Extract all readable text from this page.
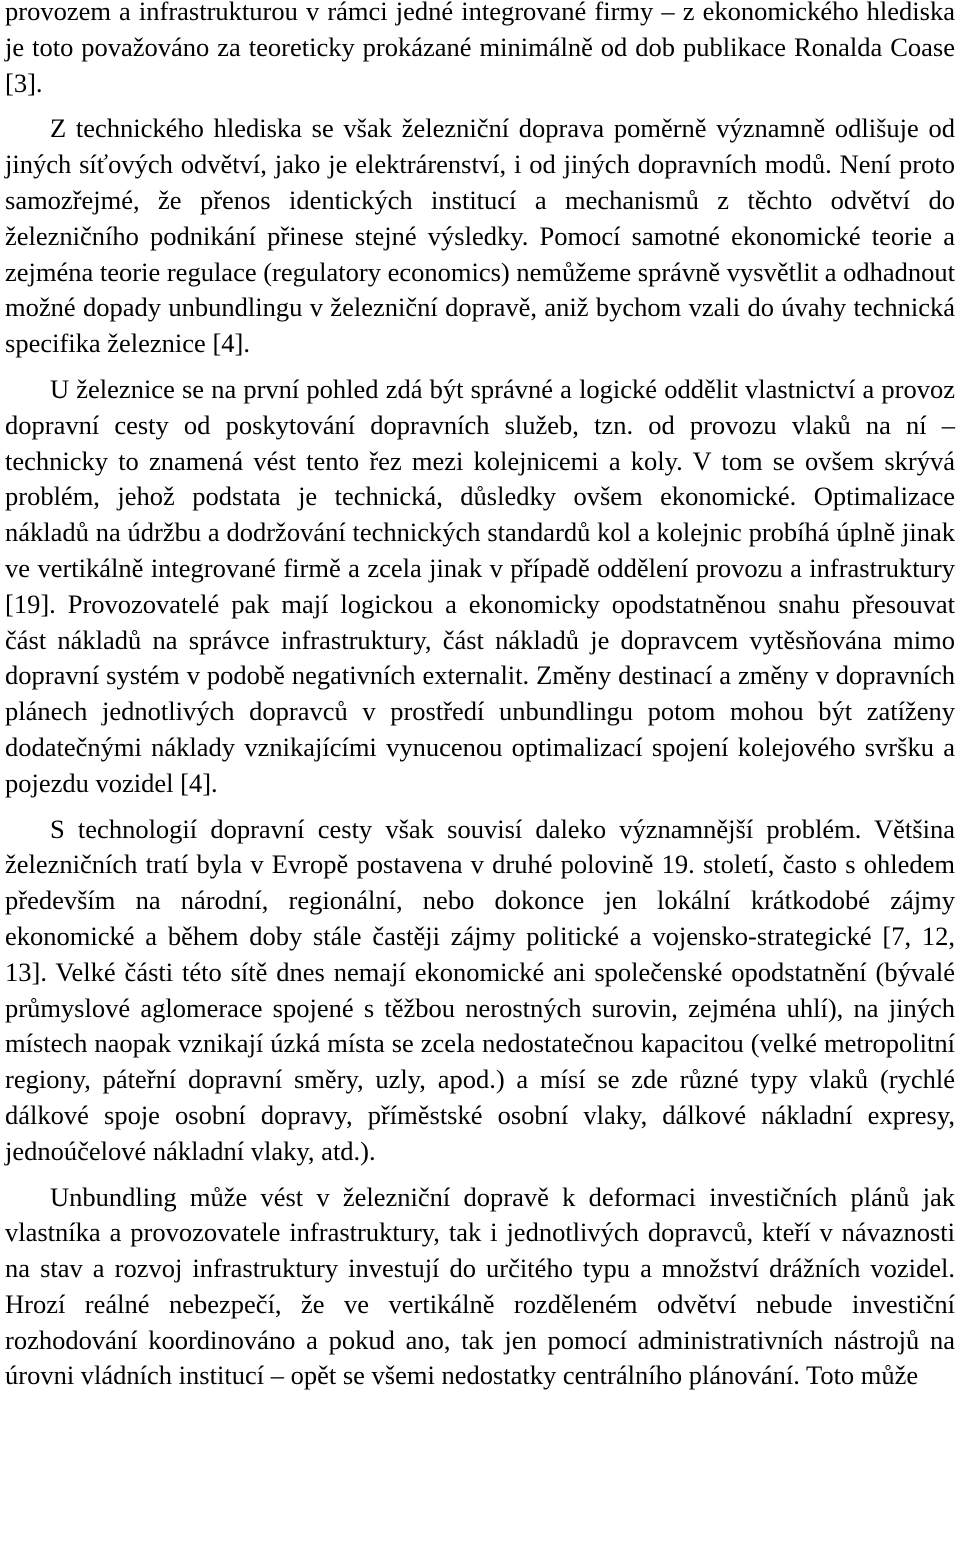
provozem a infrastrukturou v rámci jedné integrované firmy – z ekonomického hlediska je toto považováno za teoreticky prokázané minimálně od dob publikace Ronalda Coase [3].

Z technického hlediska se však železniční doprava poměrně významně odlišuje od jiných síťových odvětví, jako je elektrárenství, i od jiných dopravních modů. Není proto samozřejmé, že přenos identických institucí a mechanismů z těchto odvětví do železničního podnikání přinese stejné výsledky. Pomocí samotné ekonomické teorie a zejména teorie regulace (regulatory economics) nemůžeme správně vysvětlit a odhadnout možné dopady unbundlingu v železniční dopravě, aniž bychom vzali do úvahy technická specifika železnice [4].

U železnice se na první pohled zdá být správné a logické oddělit vlastnictví a provoz dopravní cesty od poskytování dopravních služeb, tzn. od provozu vlaků na ní – technicky to znamená vést tento řez mezi kolejnicemi a koly. V tom se ovšem skrývá problém, jehož podstata je technická, důsledky ovšem ekonomické. Optimalizace nákladů na údržbu a dodržování technických standardů kol a kolejnic probíhá úplně jinak ve vertikálně integrované firmě a zcela jinak v případě oddělení provozu a infrastruktury [19]. Provozovatelé pak mají logickou a ekonomicky opodstatněnou snahu přesouvat část nákladů na správce infrastruktury, část nákladů je dopravcem vytěsňována mimo dopravní systém v podobě negativních externalit. Změny destinací a změny v dopravních plánech jednotlivých dopravců v prostředí unbundlingu potom mohou být zatíženy dodatečnými náklady vznikajícími vynucenou optimalizací spojení kolejového svršku a pojezdu vozidel [4].

S technologií dopravní cesty však souvisí daleko významnější problém. Většina železničních tratí byla v Evropě postavena v druhé polovině 19. století, často s ohledem především na národní, regionální, nebo dokonce jen lokální krátkodobé zájmy ekonomické a během doby stále častěji zájmy politické a vojensko-strategické [7, 12, 13]. Velké části této sítě dnes nemají ekonomické ani společenské opodstatnění (bývalé průmyslové aglomerace spojené s těžbou nerostných surovin, zejména uhlí), na jiných místech naopak vznikají úzká místa se zcela nedostatečnou kapacitou (velké metropolitní regiony, páteřní dopravní směry, uzly, apod.) a mísí se zde různé typy vlaků (rychlé dálkové spoje osobní dopravy, příměstské osobní vlaky, dálkové nákladní expresy, jednoúčelové nákladní vlaky, atd.).

Unbundling může vést v železniční dopravě k deformaci investičních plánů jak vlastníka a provozovatele infrastruktury, tak i jednotlivých dopravců, kteří v návaznosti na stav a rozvoj infrastruktury investují do určitého typu a množství drážních vozidel. Hrozí reálné nebezpečí, že ve vertikálně rozděleném odvětví nebude investiční rozhodování koordinováno a pokud ano, tak jen pomocí administrativních nástrojů na úrovni vládních institucí – opět se všemi nedostatky centrálního plánování. Toto může
